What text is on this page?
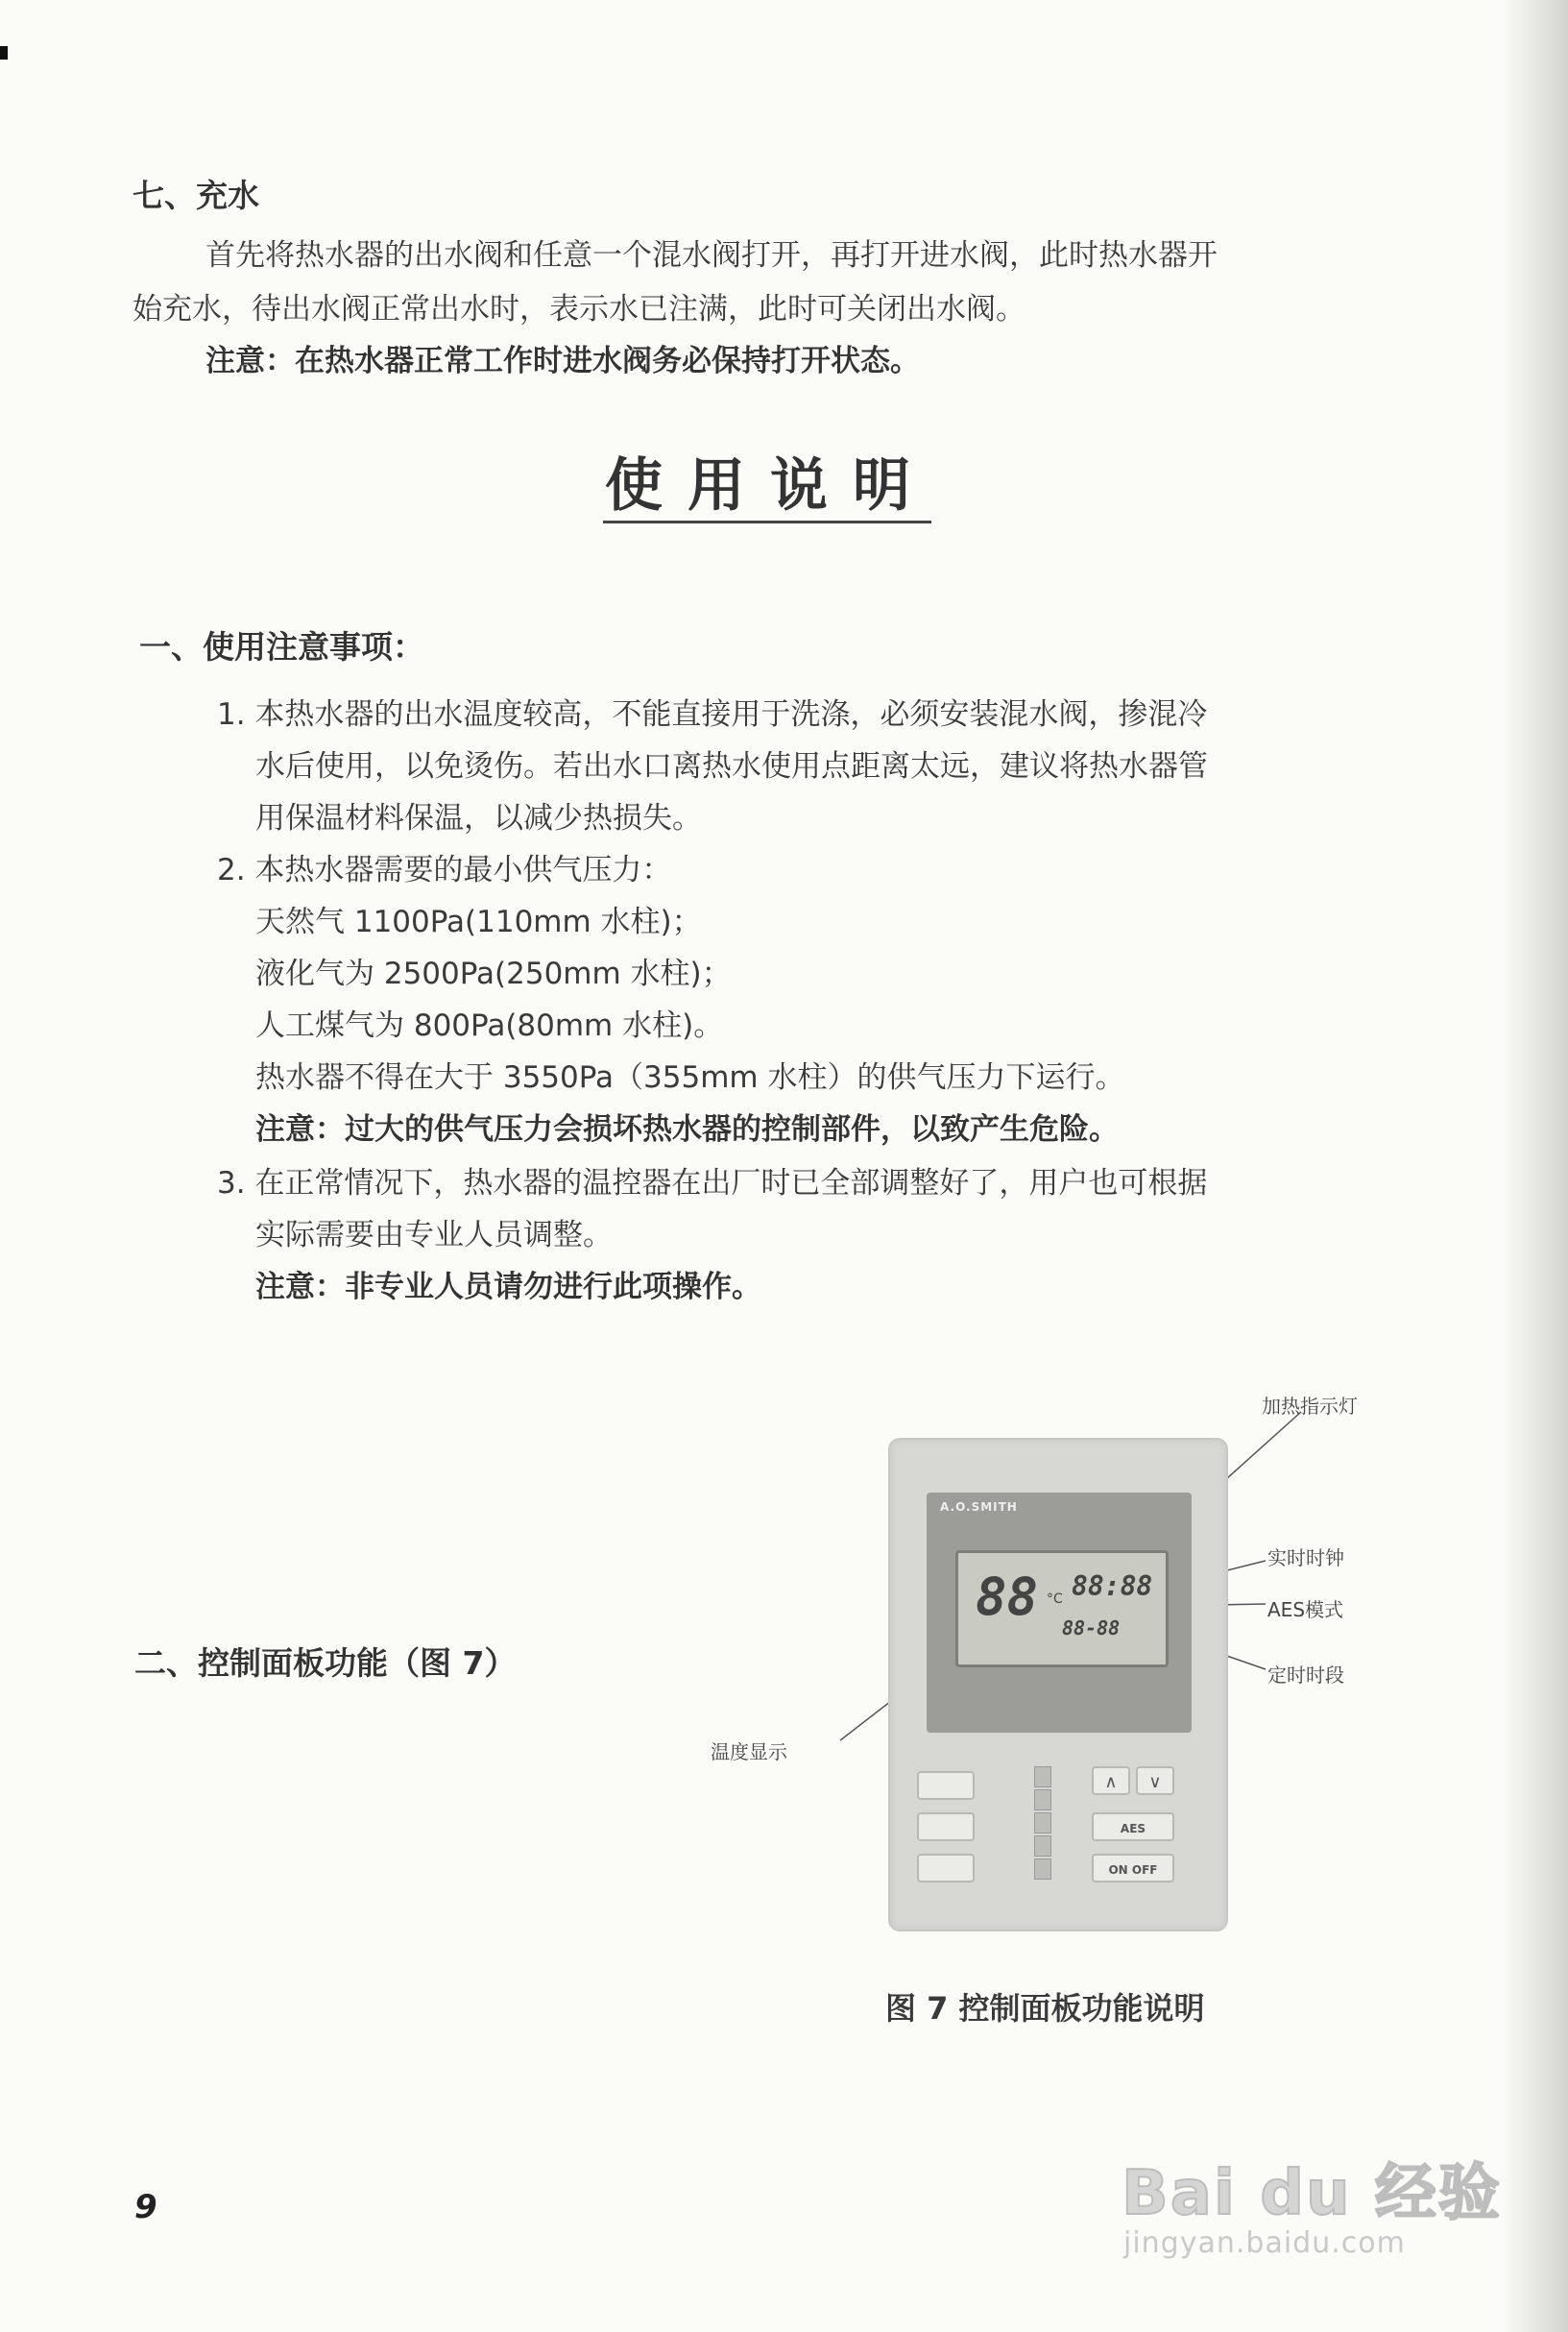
七、充水
首先将热水器的出水阀和任意一个混水阀打开，再打开进水阀，此时热水器开
始充水，待出水阀正常出水时，表示水已注满，此时可关闭出水阀。
注意：在热水器正常工作时进水阀务必保持打开状态。
使用说明
一、使用注意事项：
1. 本热水器的出水温度较高，不能直接用于洗涤，必须安装混水阀，掺混冷
水后使用，以免烫伤。若出水口离热水使用点距离太远，建议将热水器管
用保温材料保温，以减少热损失。
2. 本热水器需要的最小供气压力：
天然气 1100Pa(110mm 水柱)；
液化气为 2500Pa(250mm 水柱)；
人工煤气为 800Pa(80mm 水柱)。
热水器不得在大于 3550Pa（355mm 水柱）的供气压力下运行。
注意：过大的供气压力会损坏热水器的控制部件，以致产生危险。
3. 在正常情况下，热水器的温控器在出厂时已全部调整好了，用户也可根据
实际需要由专业人员调整。
注意：非专业人员请勿进行此项操作。
二、控制面板功能（图 7）
加热指示灯
实时时钟
AES模式
定时时段
温度显示
A.O.SMITH
88 °C 88:88
88-88
∧	∨
AES
ON OFF
图 7 控制面板功能说明
9	Bai du 经验
jingyan.baidu.com
